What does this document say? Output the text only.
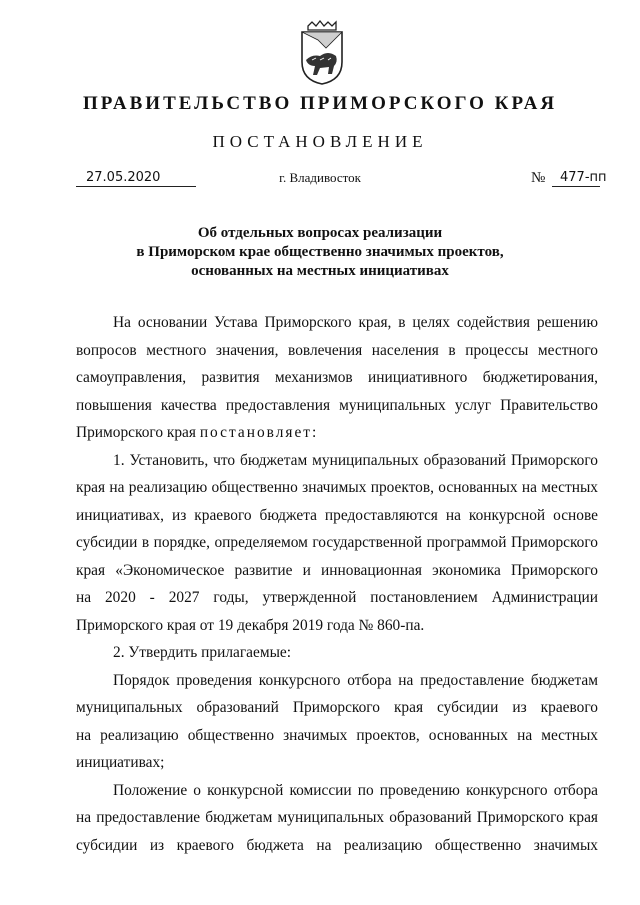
ПРАВИТЕЛЬСТВО ПРИМОРСКОГО КРАЯ
ПОСТАНОВЛЕНИЕ
27.05.2020	г. Владивосток	№ 477-пп
Об отдельных вопросах реализации
в Приморском крае общественно значимых проектов,
основанных на местных инициативах
На основании Устава Приморского края, в целях содействия решению
вопросов местного значения, вовлечения населения в процессы местного
самоуправления, развития механизмов инициативного бюджетирования,
повышения качества предоставления муниципальных услуг Правительство
Приморского края постановляет:
1. Установить, что бюджетам муниципальных образований Приморского
края на реализацию общественно значимых проектов, основанных на местных
инициативах, из краевого бюджета предоставляются на конкурсной основе
субсидии в порядке, определяемом государственной программой Приморского
края «Экономическое развитие и инновационная экономика Приморского
на 2020 - 2027 годы, утвержденной постановлением Администрации
Приморского края от 19 декабря 2019 года № 860-па.
2. Утвердить прилагаемые:
Порядок проведения конкурсного отбора на предоставление бюджетам
муниципальных образований Приморского края субсидии из краевого
на реализацию общественно значимых проектов, основанных на местных
инициативах;
Положение о конкурсной комиссии по проведению конкурсного отбора
на предоставление бюджетам муниципальных образований Приморского края
субсидии из краевого бюджета на реализацию общественно значимых
